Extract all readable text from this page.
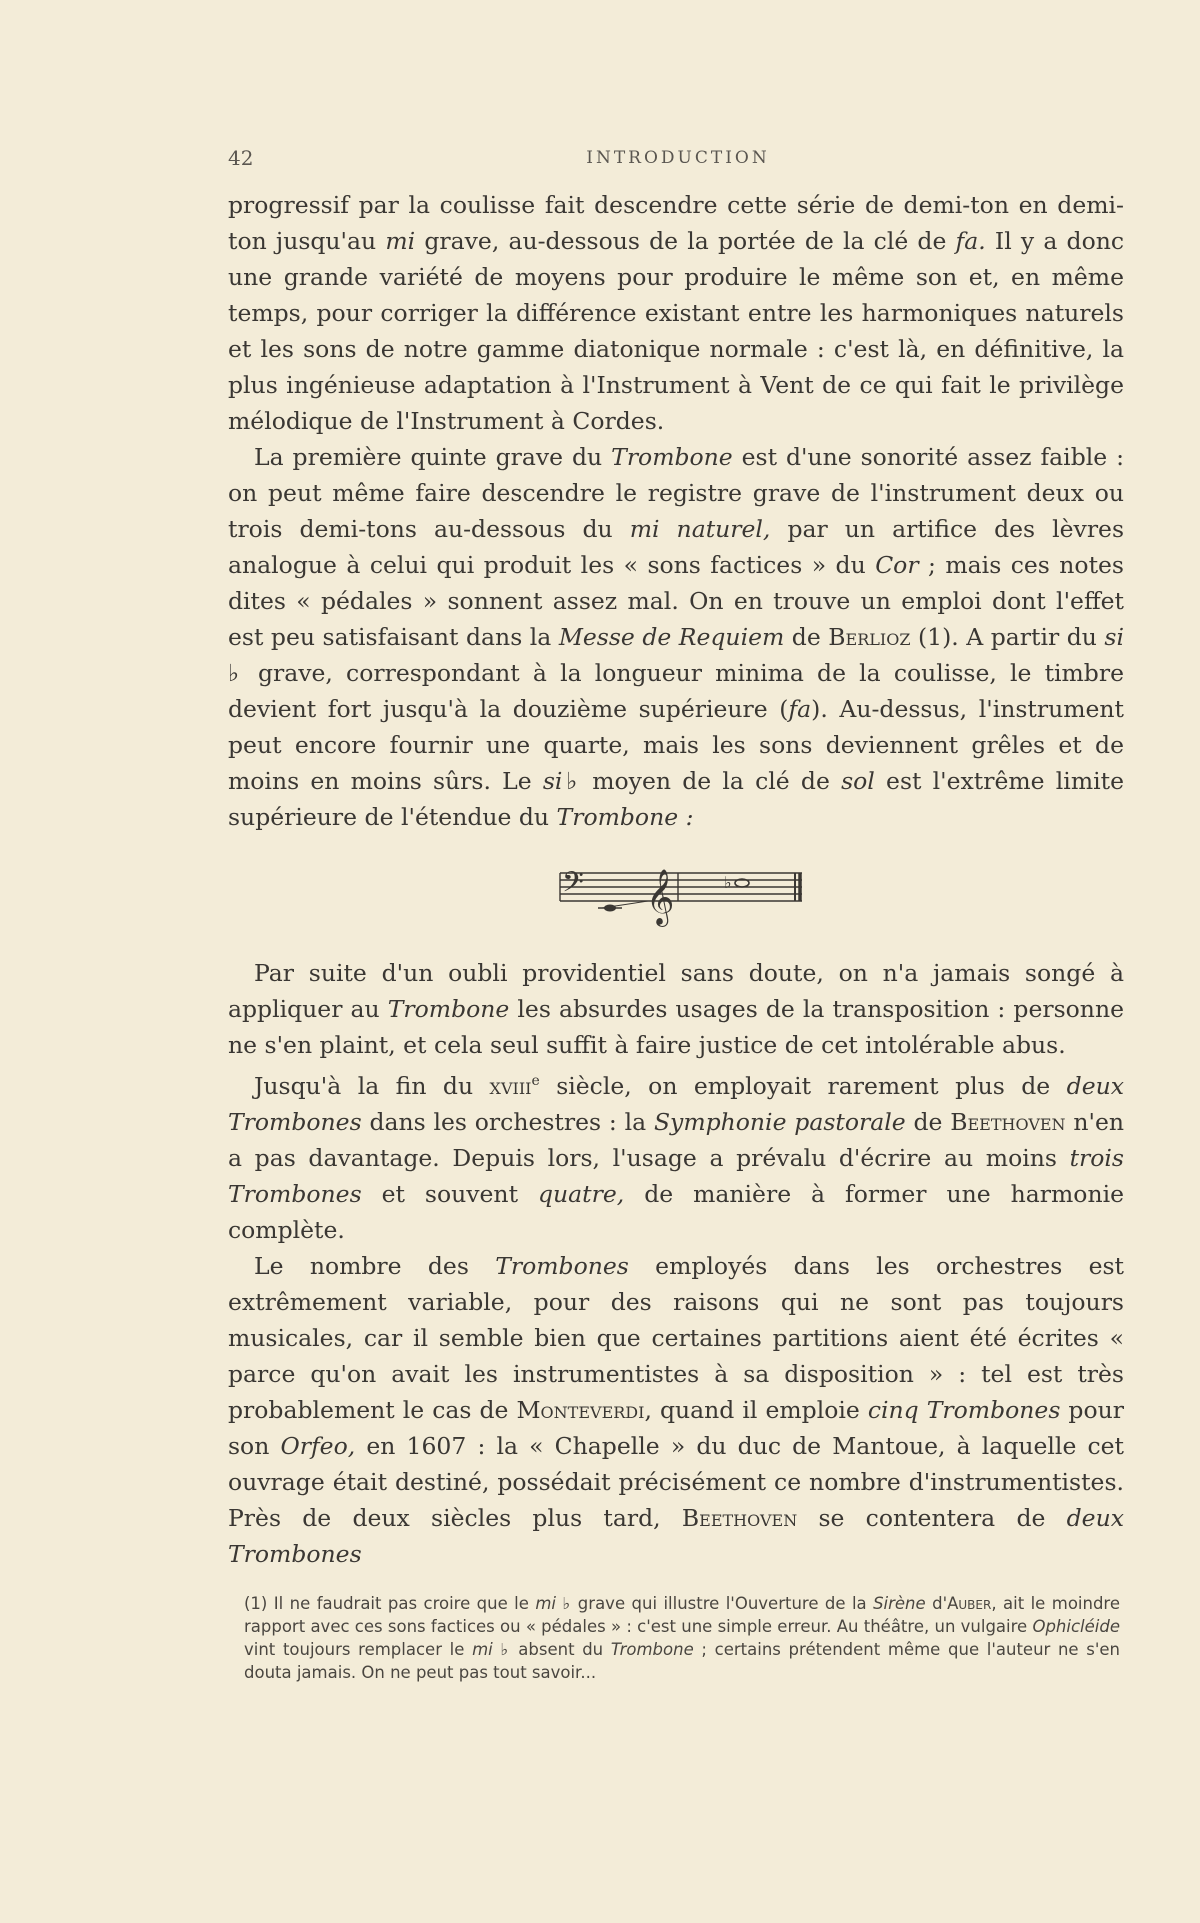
42	INTRODUCTION

progressif par la coulisse fait descendre cette série de demi-ton en demi-ton jusqu'au mi grave, au-dessous de la portée de la clé de fa. Il y a donc une grande variété de moyens pour produire le même son et, en même temps, pour corriger la différence existant entre les harmoniques naturels et les sons de notre gamme diatonique normale : c'est là, en définitive, la plus ingénieuse adaptation à l'Instrument à Vent de ce qui fait le privilège mélodique de l'Instrument à Cordes.

La première quinte grave du Trombone est d'une sonorité assez faible : on peut même faire descendre le registre grave de l'instrument deux ou trois demi-tons au-dessous du mi naturel, par un artifice des lèvres analogue à celui qui produit les « sons factices » du Cor ; mais ces notes dites « pédales » sonnent assez mal. On en trouve un emploi dont l'effet est peu satisfaisant dans la Messe de Requiem de Berlioz (1). A partir du si ♭ grave, correspondant à la longueur minima de la coulisse, le timbre devient fort jusqu'à la douzième supérieure (fa). Au-dessus, l'instrument peut encore fournir une quarte, mais les sons deviennent grêles et de moins en moins sûrs. Le si♭ moyen de la clé de sol est l'extrême limite supérieure de l'étendue du Trombone :

𝄢 𝄞	♭

Par suite d'un oubli providentiel sans doute, on n'a jamais songé à appliquer au Trombone les absurdes usages de la transposition : personne ne s'en plaint, et cela seul suffit à faire justice de cet intolérable abus.

Jusqu'à la fin du xviii$^e$ siècle, on employait rarement plus de deux Trombones dans les orchestres : la Symphonie pastorale de Beethoven n'en a pas davantage. Depuis lors, l'usage a prévalu d'écrire au moins trois Trombones et souvent quatre, de manière à former une harmonie complète.

Le nombre des Trombones employés dans les orchestres est extrêmement variable, pour des raisons qui ne sont pas toujours musicales, car il semble bien que certaines partitions aient été écrites « parce qu'on avait les instrumentistes à sa disposition » : tel est très probablement le cas de Monteverdi, quand il emploie cinq Trombones pour son Orfeo, en 1607 : la « Chapelle » du duc de Mantoue, à laquelle cet ouvrage était destiné, possédait précisément ce nombre d'instrumentistes. Près de deux siècles plus tard, Beethoven se contentera de deux Trombones

(1) Il ne faudrait pas croire que le mi ♭ grave qui illustre l'Ouverture de la Sirène d'Auber, ait le moindre rapport avec ces sons factices ou « pédales » : c'est une simple erreur. Au théâtre, un vulgaire Ophicléide vint toujours remplacer le mi ♭ absent du Trombone ; certains prétendent même que l'auteur ne s'en douta jamais. On ne peut pas tout savoir...
